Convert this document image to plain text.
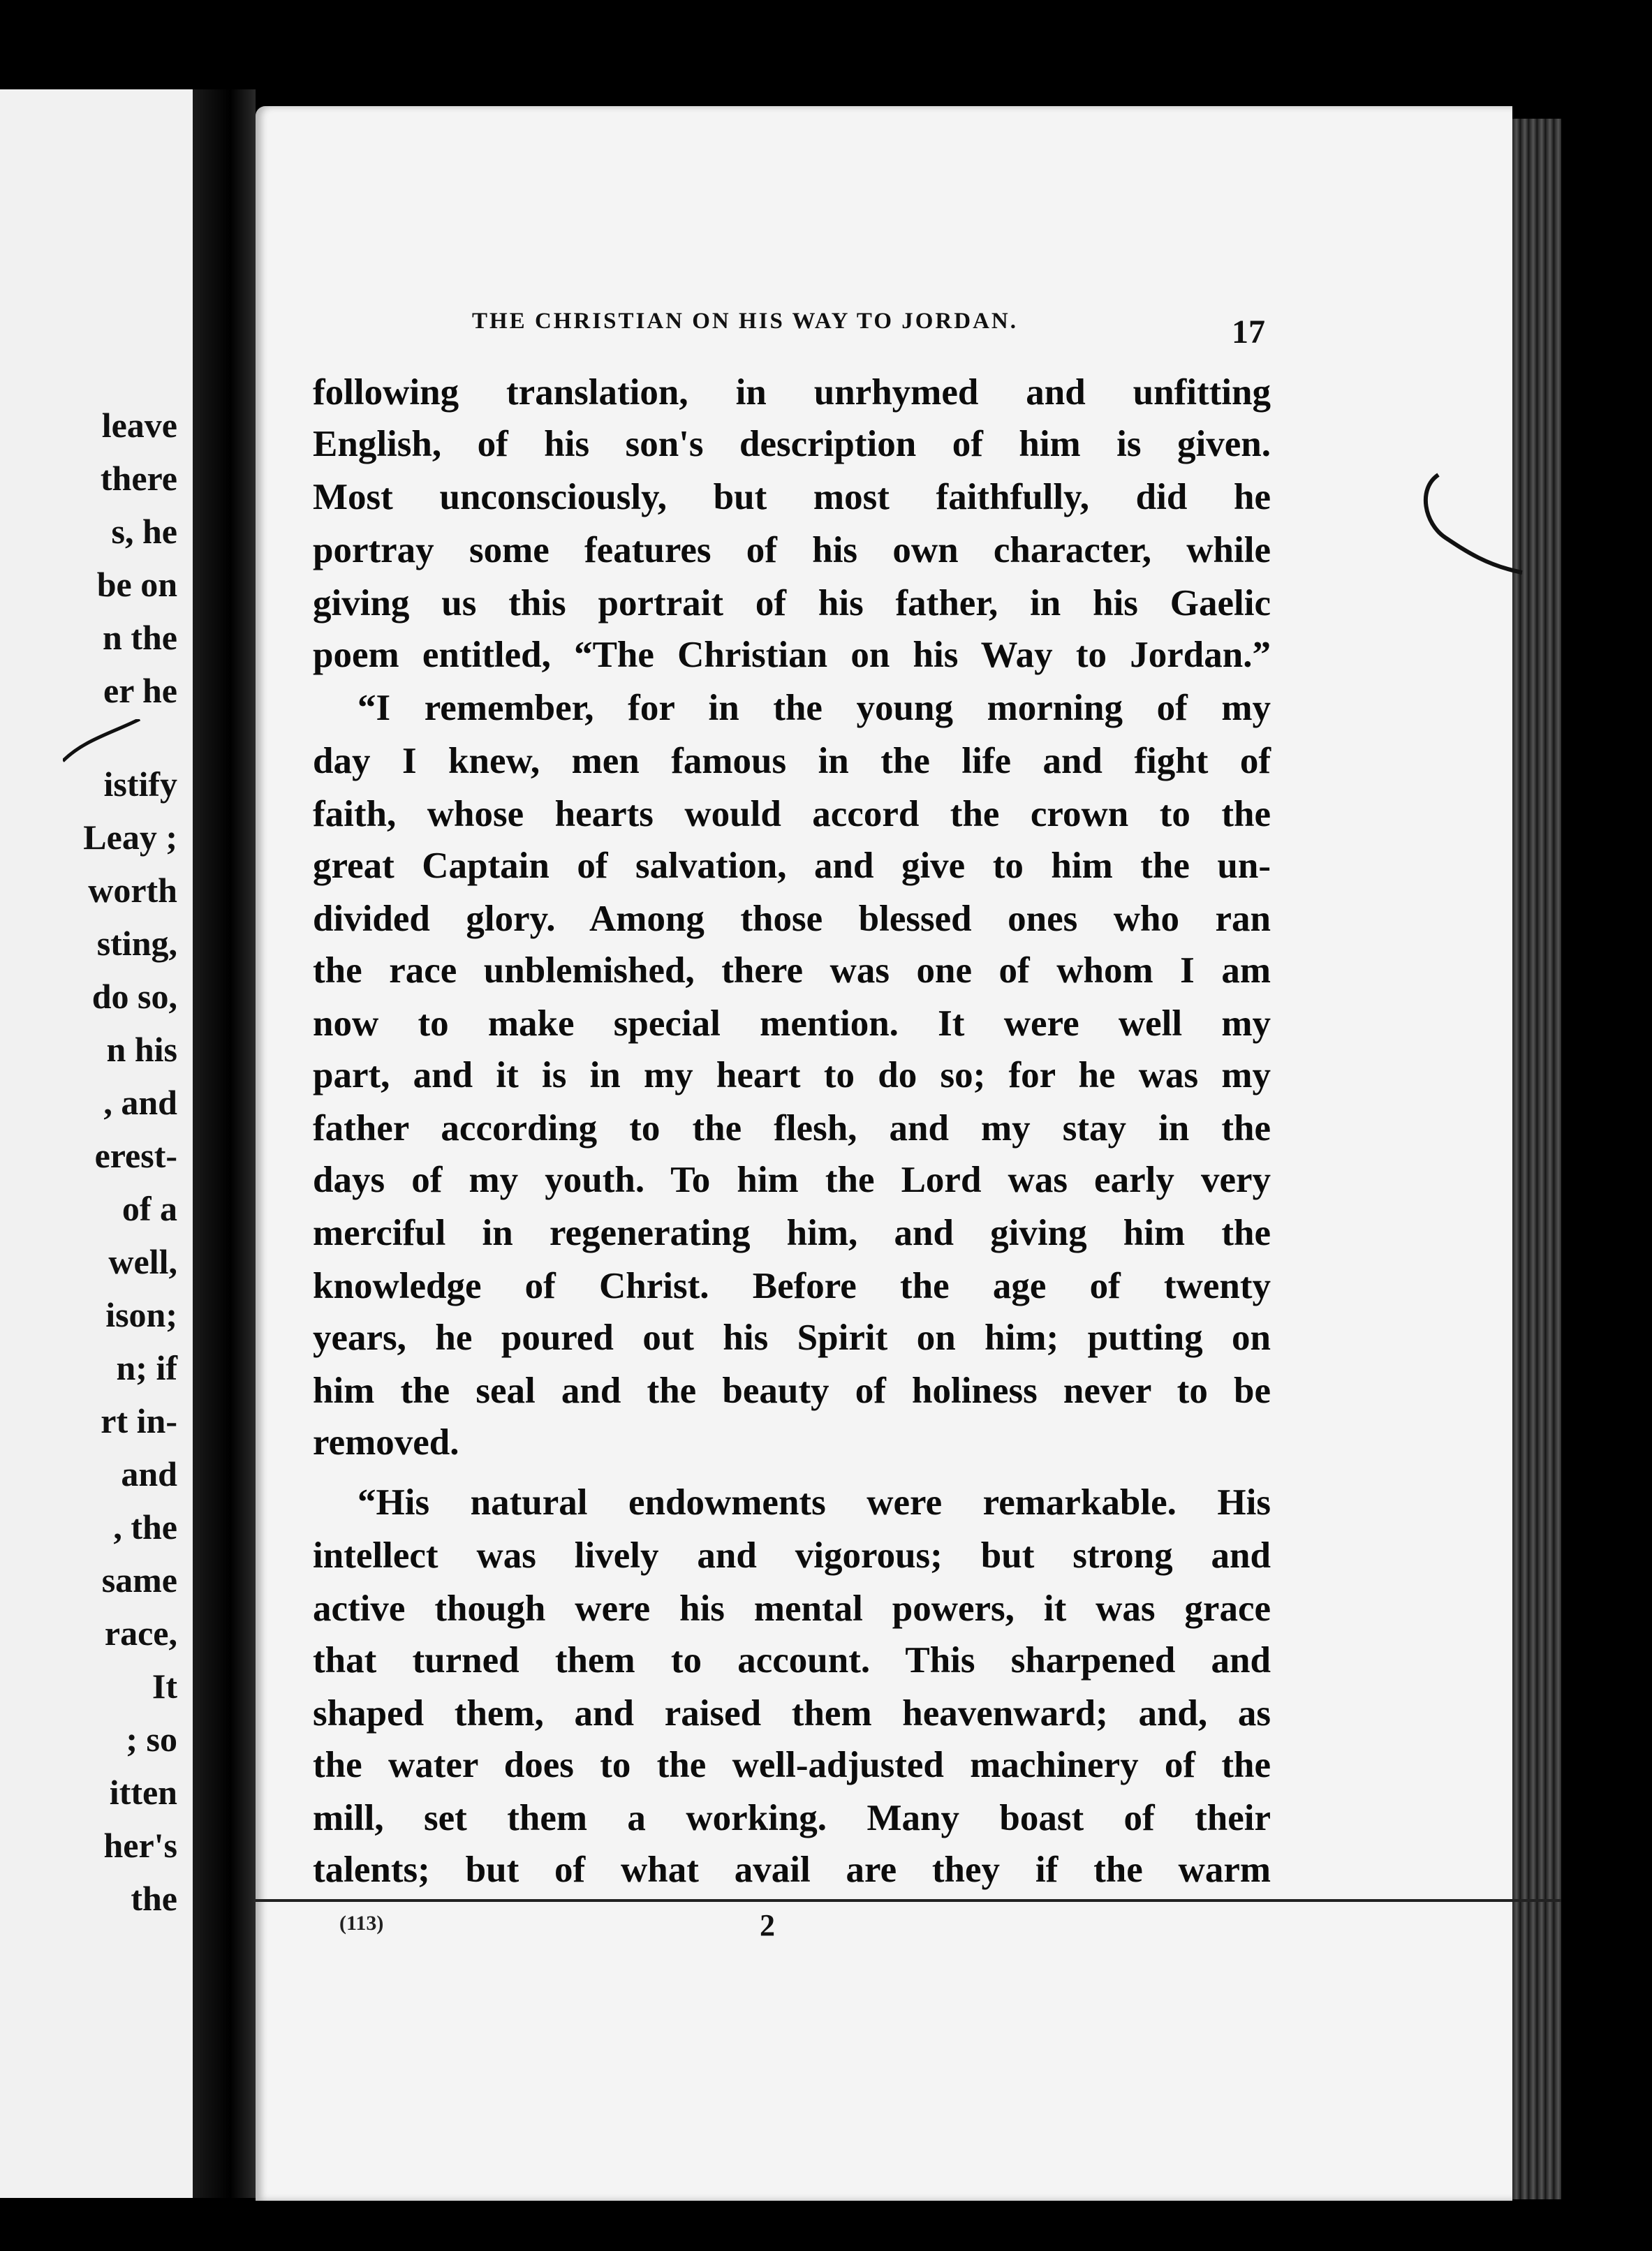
leave
there
s, he
be on
n the
er he
istify
Leay ;
worth
sting,
do so,
n his
, and
erest-
of a
well,
ison;
n; if
rt in-
and
, the
same
race,
It
; so
itten
her's
the
THE CHRISTIAN ON HIS WAY TO JORDAN.	17
following translation, in unrhymed and unfitting
English, of his son's description of him is given.
Most unconsciously, but most faithfully, did he
portray some features of his own character, while
giving us this portrait of his father, in his Gaelic
poem entitled, “The Christian on his Way to Jordan.”
“I remember, for in the young morning of my
day I knew, men famous in the life and fight of
faith, whose hearts would accord the crown to the
great Captain of salvation, and give to him the un-
divided glory. Among those blessed ones who ran
the race unblemished, there was one of whom I am
now to make special mention. It were well my
part, and it is in my heart to do so; for he was my
father according to the flesh, and my stay in the
days of my youth. To him the Lord was early very
merciful in regenerating him, and giving him the
knowledge of Christ. Before the age of twenty
years, he poured out his Spirit on him; putting on
him the seal and the beauty of holiness never to be
removed.
“His natural endowments were remarkable. His
intellect was lively and vigorous; but strong and
active though were his mental powers, it was grace
that turned them to account. This sharpened and
shaped them, and raised them heavenward; and, as
the water does to the well-adjusted machinery of the
mill, set them a working. Many boast of their
talents; but of what avail are they if the warm
(113)	2
